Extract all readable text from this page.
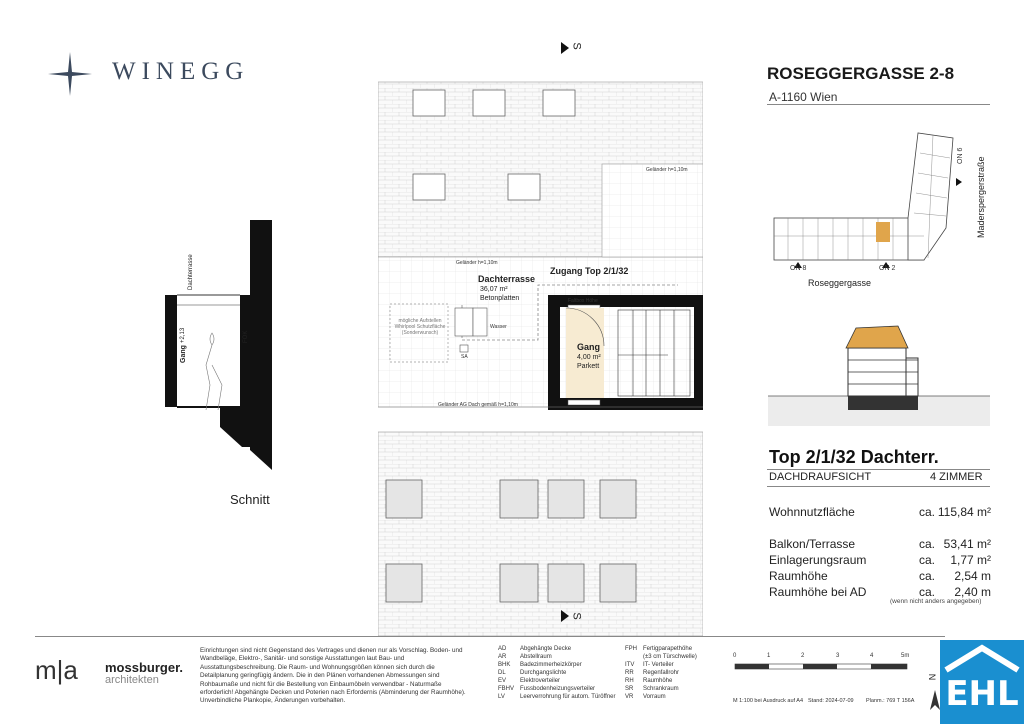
WINEGG	ROSEGGERGASSE 2-8
A-1160 Wien
ON 8	ON 2
ON 6
Maderspergerstraße
Roseggergasse
Top 2/1/32 Dachterr.
DACHDRAUFSICHT	4 ZIMMER
Wohnnutzfläche	ca. 115,84 m²
Balkon/Terrasse	ca. 53,41 m²
Einlagerungsraum	ca. 1,77 m²
Raumhöhe	ca. 2,54 m
Raumhöhe bei AD	ca. 2,40 m
(wenn nicht anders angegeben)
Dachterrasse
Gang
+2,13	FOK
Schnitt
S
S
Geländer h=1,10m
Geländer h=1,10m
Geländer AG Dach gemäß h=1,10m
Dachterrasse
36,07 m²
Betonplatten
Zugang Top 2/1/32
Gang
4,00 m²
Parkett
mögliche Aufstellen Whirlpool Schutzfläche (Sonderwunsch)
Faltbox Höhe
Wasser
SA
m|a mossburger.
architekten
Einrichtungen sind nicht Gegenstand des Vertrages und dienen nur als Vorschlag. Boden- und Wandbeläge, Elektro-, Sanitär- und sonstige Ausstattungen laut Bau- und Ausstattungsbeschreibung. Die Raum- und Wohnungsgrößen können sich durch die Detailplanung geringfügig ändern. Die in den Plänen vorhandenen Abmessungen sind Rohbaumaße und nicht für die Bestellung von Einbaumöbeln verwendbar - Naturmaße erforderlich! Abgehängte Decken und Poterien nach Erfordernis (Abminderung der Raumhöhe). Unverbindliche Plankopie, Änderungen vorbehalten.
AD	Abgehängte Decke
AR	Abstellraum
BHK	Badezimmerheizkörper
DL	Durchgangslichte
EV	Elektroverteiler
FBHV	Fussbodenheizungsverteiler
LV	Leerverrohrung für autom. Türöffner
FPH	Fertigparapethöhe
	(±3 cm Türschwelle)
ITV	IT- Verteiler
RR	Regenfallrohr
RH	Raumhöhe
SR	Schrankraum
VR	Vorraum
0	1	2	3	4	5m
M 1:100 bei Ausdruck auf A4 Stand: 2024-07-09 Planm.: 769 T 156A
N EHL
